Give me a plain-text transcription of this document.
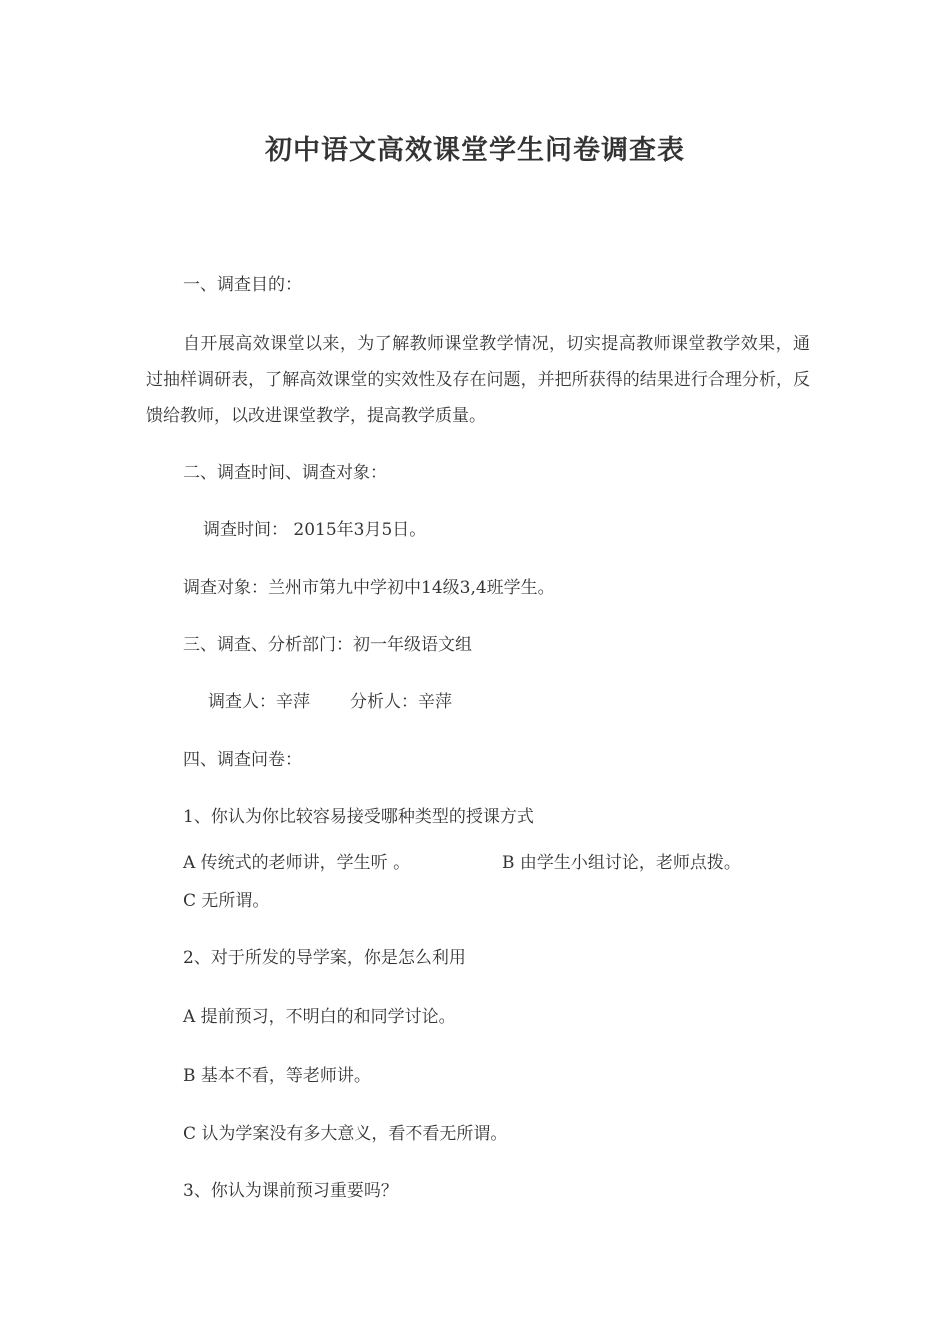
初中语文高效课堂学生问卷调查表
一、调查目的：
自开展高效课堂以来，为了解教师课堂教学情况，切实提高教师课堂教学效果，通过抽样调研表，了解高效课堂的实效性及存在问题，并把所获得的结果进行合理分析，反馈给教师，以改进课堂教学，提高教学质量。
二、调查时间、调查对象：
调查时间： 2015年3月5日。
调查对象：兰州市第九中学初中14级3,4班学生。
三、调查、分析部门：初一年级语文组
调查人：辛萍 分析人：辛萍
四、调查问卷：
1、你认为你比较容易接受哪种类型的授课方式
A 传统式的老师讲，学生听 。	B 由学生小组讨论，老师点拨。
C 无所谓。
2、对于所发的导学案，你是怎么利用
A 提前预习，不明白的和同学讨论。
B 基本不看，等老师讲。
C 认为学案没有多大意义，看不看无所谓。
3、你认为课前预习重要吗？
